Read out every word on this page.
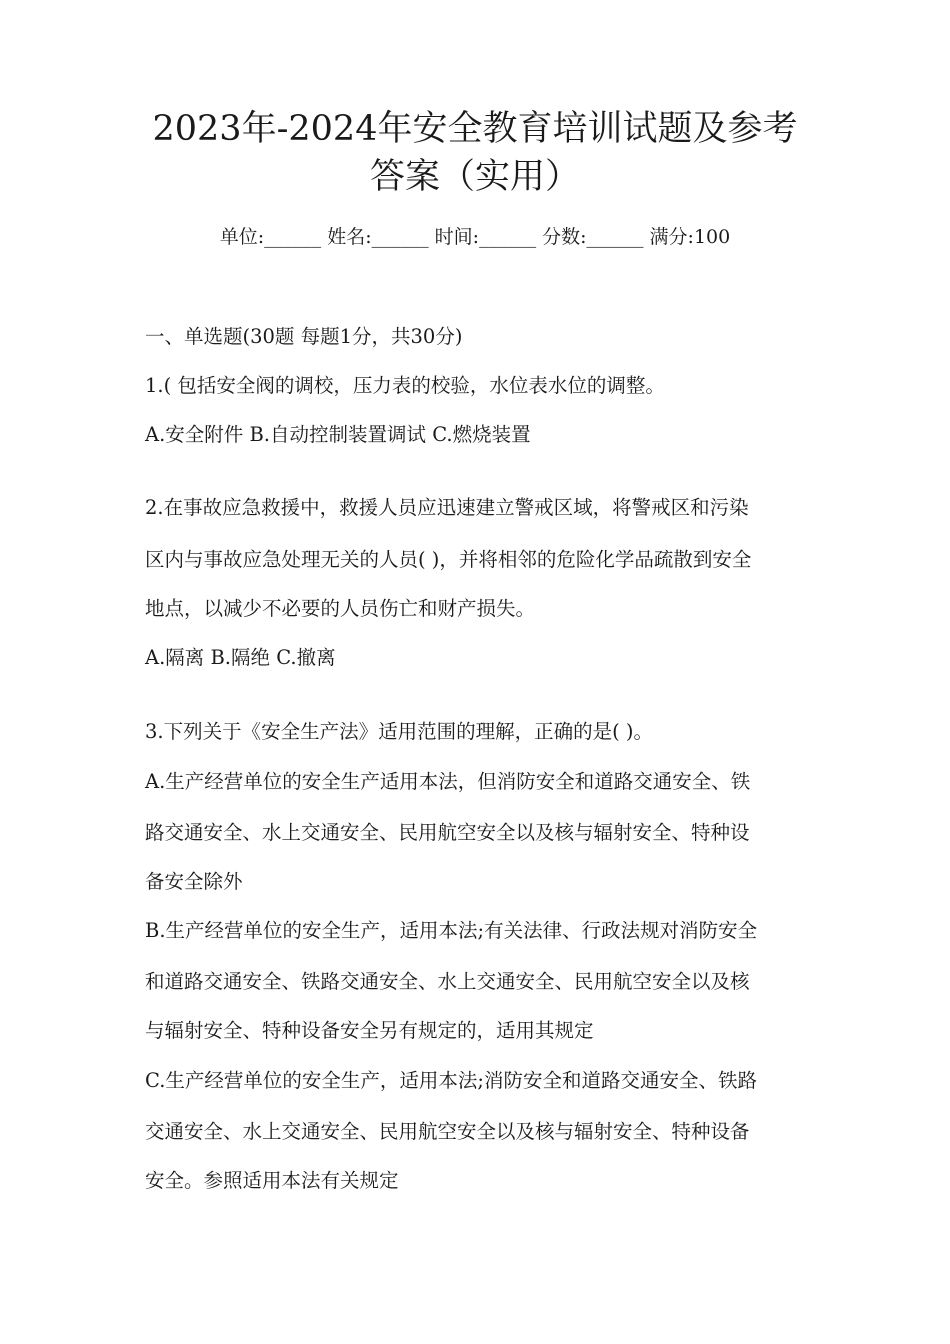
2023年-2024年安全教育培训试题及参考
答案（实用）
单位:______ 姓名:______ 时间:______ 分数:______ 满分:100
一、单选题(30题 每题1分，共30分)
1.( 包括安全阀的调校，压力表的校验，水位表水位的调整。
A.安全附件 B.自动控制装置调试 C.燃烧装置
2.在事故应急救援中，救援人员应迅速建立警戒区域，将警戒区和污染
区内与事故应急处理无关的人员( )，并将相邻的危险化学品疏散到安全
地点，以减少不必要的人员伤亡和财产损失。
A.隔离 B.隔绝 C.撤离
3.下列关于《安全生产法》适用范围的理解，正确的是( )。
A.生产经营单位的安全生产适用本法，但消防安全和道路交通安全、铁
路交通安全、水上交通安全、民用航空安全以及核与辐射安全、特种设
备安全除外
B.生产经营单位的安全生产，适用本法;有关法律、行政法规对消防安全
和道路交通安全、铁路交通安全、水上交通安全、民用航空安全以及核
与辐射安全、特种设备安全另有规定的，适用其规定
C.生产经营单位的安全生产，适用本法;消防安全和道路交通安全、铁路
交通安全、水上交通安全、民用航空安全以及核与辐射安全、特种设备
安全。参照适用本法有关规定
